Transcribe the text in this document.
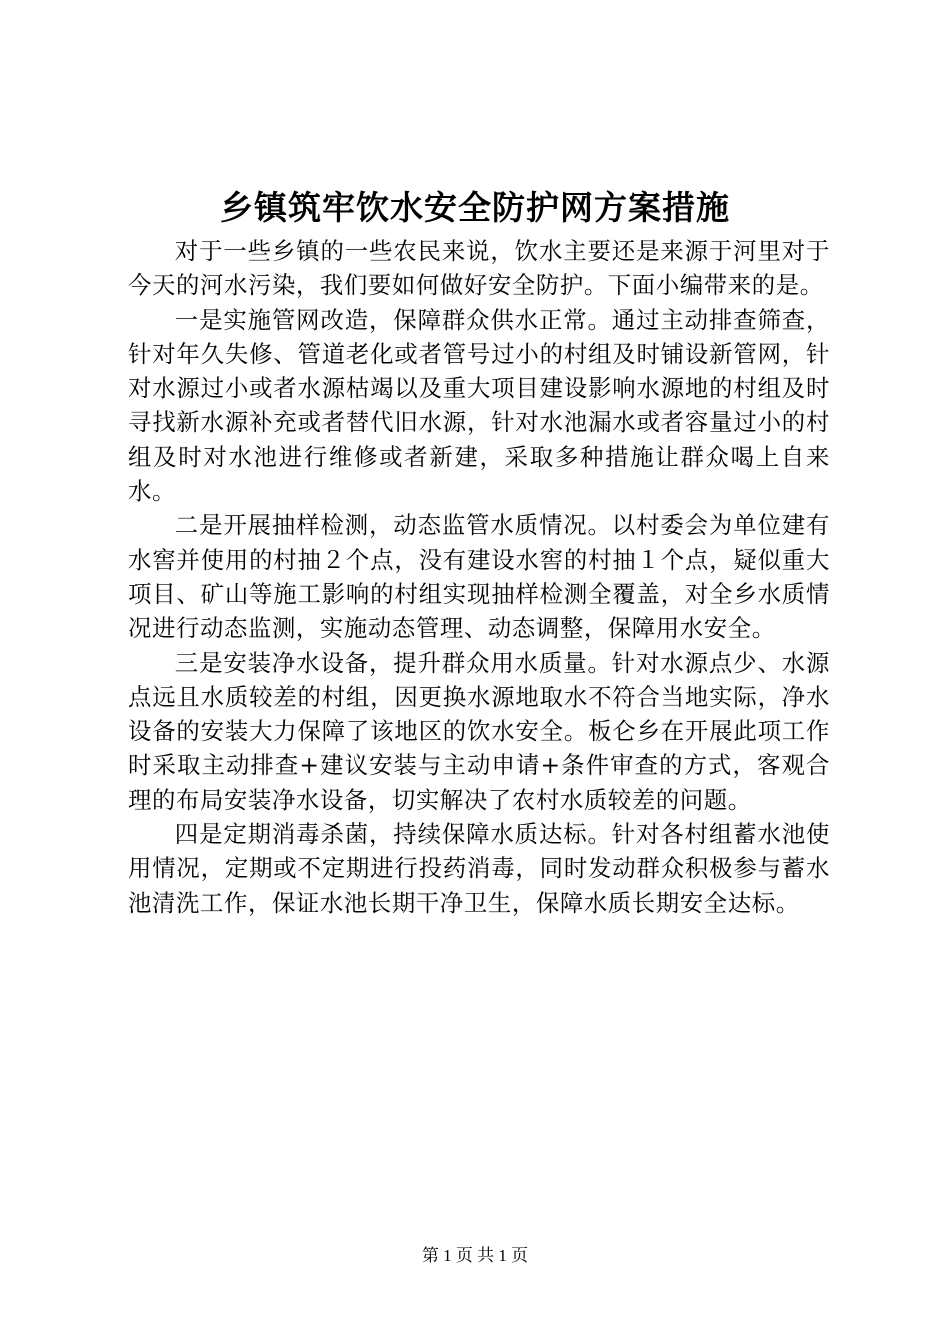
乡镇筑牢饮水安全防护网方案措施

对于一些乡镇的一些农民来说，饮水主要还是来源于河里对于今天的河水污染，我们要如何做好安全防护。下面小编带来的是。

一是实施管网改造，保障群众供水正常。通过主动排查筛查，针对年久失修、管道老化或者管号过小的村组及时铺设新管网，针对水源过小或者水源枯竭以及重大项目建设影响水源地的村组及时寻找新水源补充或者替代旧水源，针对水池漏水或者容量过小的村组及时对水池进行维修或者新建，采取多种措施让群众喝上自来水。

二是开展抽样检测，动态监管水质情况。以村委会为单位建有水窖并使用的村抽２个点，没有建设水窖的村抽１个点，疑似重大项目、矿山等施工影响的村组实现抽样检测全覆盖，对全乡水质情况进行动态监测，实施动态管理、动态调整，保障用水安全。

三是安装净水设备，提升群众用水质量。针对水源点少、水源点远且水质较差的村组，因更换水源地取水不符合当地实际，净水设备的安装大力保障了该地区的饮水安全。板仑乡在开展此项工作时采取主动排查+建议安装与主动申请+条件审查的方式，客观合理的布局安装净水设备，切实解决了农村水质较差的问题。

四是定期消毒杀菌，持续保障水质达标。针对各村组蓄水池使用情况，定期或不定期进行投药消毒，同时发动群众积极参与蓄水池清洗工作，保证水池长期干净卫生，保障水质长期安全达标。

第 1 页 共 1 页
